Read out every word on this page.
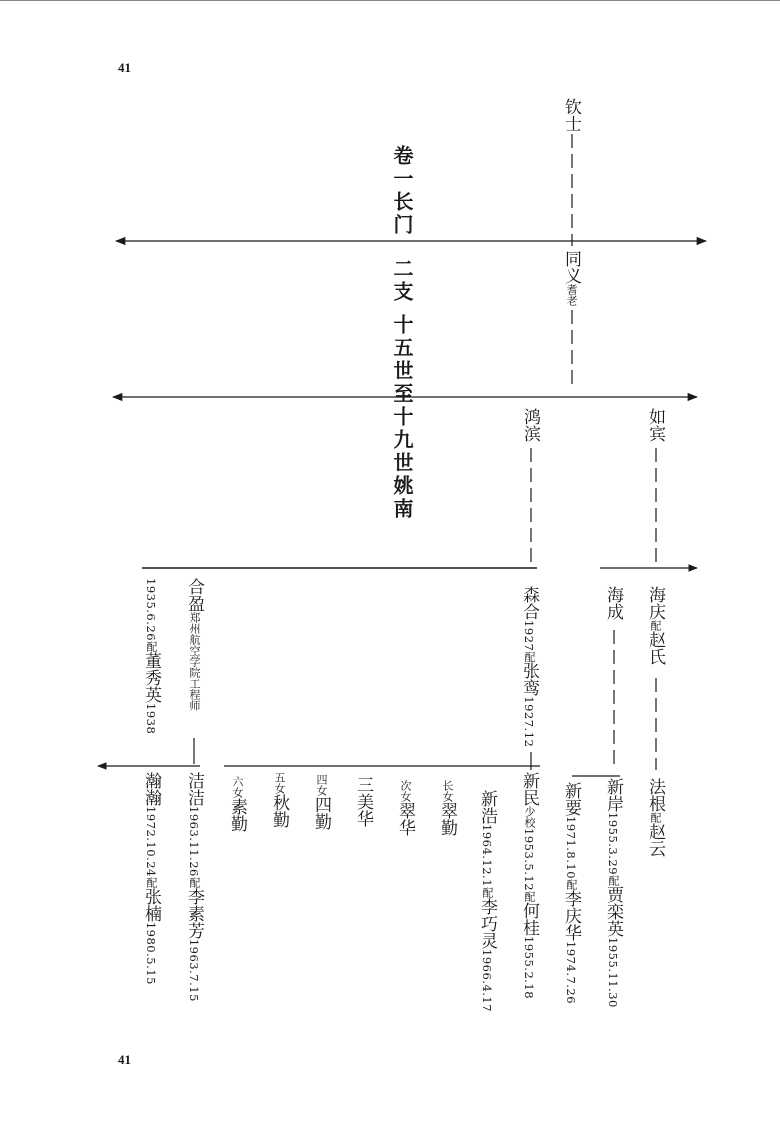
41
41
卷一长门
二支 十五世至十九世姚南
钦士
同义耆老
鸿滨	如宾
森合1927配张鸾1927.12
合盈郑州航空学院工程师
1935.6.26配董秀英1938
海成 海庆配赵氏
新民少校1953.5.12配何桂1955.2.18
新浩1964.12.1配李巧灵1966.4.17
长女翠勤
次女翠华
三美华
四女四勤
五女秋勤
六女素勤
洁洁1963.11.26配李素芳1963.7.15
瀚瀚1972.10.24配张楠1980.5.15
新岸1955.3.29配贾栾英1955.11.30
新要1971.8.10配李庆华1974.7.26
法根配赵云
